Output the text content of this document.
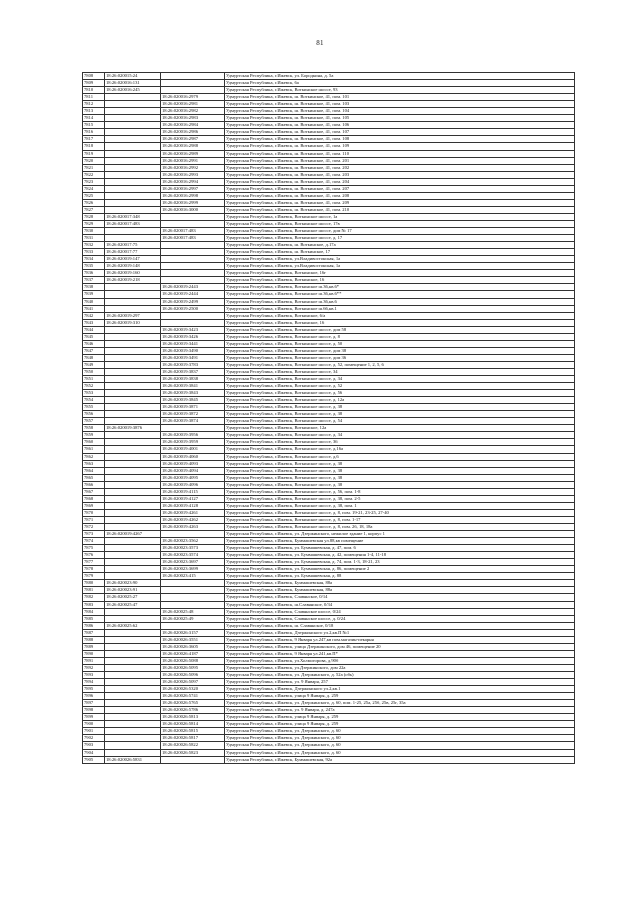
81
7808	18:26:020015:24		Удмуртская Республика, г.Ижевск, ул. Бородкина, д. 5а
7809	18:26:020016:131		Удмуртская Республика, г.Ижевск, 6а
7810	18:26:020016:245		Удмуртская Республика, г.Ижевск, Воткинское шоссе, 93
7811		18:26:020016:2979	Удмуртская Республика, г.Ижевск, ш. Воткинское, 41, пом. 101
7812		18:26:020016:2981	Удмуртская Республика, г.Ижевск, ш. Воткинское, 41, пом. 103
7813		18:26:020016:2982	Удмуртская Республика, г.Ижевск, ш. Воткинское, 41, пом. 104
7814		18:26:020016:2983	Удмуртская Республика, г.Ижевск, ш. Воткинское, 41, пом. 105
7815		18:26:020016:2984	Удмуртская Республика, г.Ижевск, ш. Воткинское, 41, пом. 106
7816		18:26:020016:2986	Удмуртская Республика, г.Ижевск, ш. Воткинское, 41, пом. 107
7817		18:26:020016:2987	Удмуртская Республика, г.Ижевск, ш. Воткинское, 41, пом. 108
7818		18:26:020016:2988	Удмуртская Республика, г.Ижевск, ш. Воткинское, 41, пом. 109
7819		18:26:020016:2989	Удмуртская Республика, г.Ижевск, ш. Воткинское, 41, пом. 110
7820		18:26:020016:2991	Удмуртская Республика, г.Ижевск, ш. Воткинское, 41, пом. 201
7821		18:26:020016:2992	Удмуртская Республика, г.Ижевск, ш. Воткинское, 41, пом. 202
7822		18:26:020016:2993	Удмуртская Республика, г.Ижевск, ш. Воткинское, 41, пом. 203
7823		18:26:020016:2994	Удмуртская Республика, г.Ижевск, ш. Воткинское, 41, пом. 204
7824		18:26:020016:2997	Удмуртская Республика, г.Ижевск, ш. Воткинское, 41, пом. 207
7825		18:26:020016:2998	Удмуртская Республика, г.Ижевск, ш. Воткинское, 41, пом. 208
7826		18:26:020016:2999	Удмуртская Республика, г.Ижевск, ш. Воткинское, 41, пом. 209
7827		18:26:020016:3000	Удмуртская Республика, г.Ижевск, ш. Воткинское, 41, пом. 210
7828	18:26:020017:348		Удмуртская Республика, г.Ижевск, Воткинское шоссе, 1а
7829	18:26:020017:483		Удмуртская Республика, г.Ижевск, Воткинское шоссе, 17в
7830		18:26:020017:483	Удмуртская Республика, г.Ижевск, Воткинское шоссе, дом № 17
7831		18:26:020017:483	Удмуртская Республика, г.Ижевск, Воткинское шоссе, д. 17
7832	18:26:020017:75		Удмуртская Республика, г.Ижевск, ш. Воткинское, д.17а
7833	18:26:020017:77		Удмуртская Республика, г.Ижевск, ш. Воткинское, 17
7834	18:26:020019:147		Удмуртская Республика, г.Ижевск, ул.Владивостокская, 1а
7835	18:26:020019:148		Удмуртская Республика, г.Ижевск, ул.Владивостокская, 1а
7836	18:26:020019:160		Удмуртская Республика, г.Ижевск, Воткинское, 16г
7837	18:26:020019:218		Удмуртская Республика, г.Ижевск, Воткинское, 16
7838		18:26:020019:2443	Удмуртская Республика, г.Ижевск, Воткинское ш.36,кв.6*
7839		18:26:020019:2444	Удмуртская Республика, г.Ижевск, Воткинское ш.36,кв.6**
7840		18:26:020019:2499	Удмуртская Республика, г.Ижевск, Воткинское ш.36,кв.6
7841		18:26:020019:2500	Удмуртская Республика, г.Ижевск, Воткинское ш.66,кв.1
7842	18:26:020019:297		Удмуртская Республика, г.Ижевск, Воткинское, 6/а
7843	18:26:020019:310		Удмуртская Республика, г.Ижевск, Воткинское, 16
7844		18:26:020019:3423	Удмуртская Республика, г.Ижевск, Воткинское шоссе, дом 58
7845		18:26:020019:3426	Удмуртская Республика, г.Ижевск, Воткинское шоссе, д. 8
7846		18:26:020019:3441	Удмуртская Республика, г.Ижевск, Воткинское шоссе, д. 50
7847		18:26:020019:3490	Удмуртская Республика, г.Ижевск, Воткинское шоссе, дом 38
7848		18:26:020019:3491	Удмуртская Республика, г.Ижевск, Воткинское шоссе, дом 36
7849		18:26:020019:3783	Удмуртская Республика, г.Ижевск, Воткинское шоссе, д. 52, помещение 1, 2, 5, 6
7850		18:26:020019:3837	Удмуртская Республика, г.Ижевск, Воткинское шоссе, 34
7851		18:26:020019:3838	Удмуртская Республика, г.Ижевск, Воткинское шоссе, д. 34
7852		18:26:020019:3841	Удмуртская Республика, г.Ижевск, Воткинское шоссе, д. 52
7853		18:26:020019:3843	Удмуртская Республика, г.Ижевск, Воткинское шоссе, д. 56
7854		18:26:020019:3845	Удмуртская Республика, г.Ижевск, Воткинское шоссе, д. 12а
7855		18:26:020019:3871	Удмуртская Республика, г.Ижевск, Воткинское шоссе, д. 38
7856		18:26:020019:3872	Удмуртская Республика, г.Ижевск, Воткинское шоссе, д. 38
7857		18:26:020019:3874	Удмуртская Республика, г.Ижевск, Воткинское шоссе, д. 54
7858	18:26:020019:3876		Удмуртская Республика, г.Ижевск, Воткинское, 12а
7859		18:26:020019:3956	Удмуртская Республика, г.Ижевск, Воткинское шоссе, д. 34
7860		18:26:020019:3959	Удмуртская Республика, г.Ижевск, Воткинское шоссе, 36
7861		18:26:020019:4001	Удмуртская Республика, г.Ижевск, Воткинское шоссе, д.16а
7862		18:26:020019:4060	Удмуртская Республика, г.Ижевск, Воткинское шоссе, д.6
7863		18:26:020019:4093	Удмуртская Республика, г.Ижевск, Воткинское шоссе, д. 38
7864		18:26:020019:4094	Удмуртская Республика, г.Ижевск, Воткинское шоссе, д. 38
7865		18:26:020019:4095	Удмуртская Республика, г.Ижевск, Воткинское шоссе, д. 38
7866		18:26:020019:4096	Удмуртская Республика, г.Ижевск, Воткинское шоссе, д. 38
7867		18:26:020019:4115	Удмуртская Республика, г.Ижевск, Воткинское шоссе, д. 56, пом. 1-8
7868		18:26:020019:4127	Удмуртская Республика, г.Ижевск, Воткинское шоссе, д. 38, пом. 2-5
7869		18:26:020019:4128	Удмуртская Республика, г.Ижевск, Воткинское шоссе, д. 38, пом. 1
7870		18:26:020019:4261	Удмуртская Республика, г.Ижевск, Воткинское шоссе, д. 8, пом. 19-21, 23-25, 27-40
7871		18:26:020019:4262	Удмуртская Республика, г.Ижевск, Воткинское шоссе, д. 8, пом. 1-17
7872		18:26:020019:4263	Удмуртская Республика, г.Ижевск, Воткинское шоссе, д. 8, пом. 26, 18, 18а
7873	18:26:020019:4267		Удмуртская Республика, г.Ижевск, ул. Дзержинского, нежилое здание 1, корпус 1
7874		18:26:020023:3562	Удмуртская Республика, г.Ижевск, Буммашевская ул.88,кв помещение
7875		18:26:020023:3573	Удмуртская Республика, г.Ижевск, ул. Буммашевская, д. 47, пом. 6
7876		18:26:020023:3574	Удмуртская Республика, г.Ижевск, ул. Буммашевская, д. 42, помещения 1-4, 11-18
7877		18:26:020023:3697	Удмуртская Республика, г.Ижевск, ул. Буммашевская, д. 74, пом. 1-3, 18-21, 23
7878		18:26:020023:3699	Удмуртская Республика, г.Ижевск, ул. Буммашевская, д. 86, помещение 2
7879		18:26:020023:415	Удмуртская Республика, г.Ижевск, ул. Буммашевская, д. 88
7880	18:26:020023:90		Удмуртская Республика, г.Ижевск, Буммашевская, 88а
7881	18:26:020023:91		Удмуртская Республика, г.Ижевск, Буммашевская, 88а
7882	18:26:020025:27		Удмуртская Республика, г.Ижевск, Славянское, 0/14
7883	18:26:020025:47		Удмуртская Республика, г.Ижевск, ш.Славянское, 0/34
7884		18:26:020025:48	Удмуртская Республика, г.Ижевск, Славянское шоссе, 0/24
7885		18:26:020025:49	Удмуртская Республика, г.Ижевск, Славянское шоссе, д. 0/24
7886	18:26:020025:62		Удмуртская Республика, г.Ижевск, ш. Славянское, 0/18
7887		18:26:020026:3157	Удмуртская Республика, г.Ижевск, Дзержинского ул.2,кв.П №1
7888		18:26:020026:3551	Удмуртская Республика, г.Ижевск, 9 Января ул.247,кв пом.магазин-пекарня
7889		18:26:020026:3605	Удмуртская Республика, г.Ижевск, улица Дзержинского, дом 46, помещение 20
7890		18:26:020026:4187	Удмуртская Республика, г.Ижевск, 9 Января ул.241,кв.П*
7891		18:26:020026:5088	Удмуртская Республика, г.Ижевск, ул.Холмогорова, д.90б
7892		18:26:020026:5095	Удмуртская Республика, г.Ижевск, ул.Дзержинского, дом 22а
7893		18:26:020026:5096	Удмуртская Республика, г.Ижевск, ул. Дзержинского, д. 52а (обь)
7894		18:26:020026:5097	Удмуртская Республика, г.Ижевск, ул. 9 Января, 257
7895		18:26:020026:5320	Удмуртская Республика, г.Ижевск, Дзержинского ул.2,кв.1
7896		18:26:020026:5741	Удмуртская Республика, г.Ижевск, улица 9 Января, д. 259
7897		18:26:020026:5765	Удмуртская Республика, г.Ижевск, ул. Дзержинского, д. 60, пом. 1-25, 25а, 25б, 25в, 25г, 35а
7898		18:26:020026:5786	Удмуртская Республика, г.Ижевск, ул. 9 Января, д. 247а
7899		18:26:020026:5813	Удмуртская Республика, г.Ижевск, улица 9 Января, д. 259
7900		18:26:020026:5814	Удмуртская Республика, г.Ижевск, улица 9 Января, д. 259
7901		18:26:020026:5815	Удмуртская Республика, г.Ижевск, ул. Дзержинского, д. 60
7902		18:26:020026:5817	Удмуртская Республика, г.Ижевск, ул. Дзержинского, д. 60
7903		18:26:020026:5822	Удмуртская Республика, г.Ижевск, ул. Дзержинского, д. 60
7904		18:26:020026:5823	Удмуртская Республика, г.Ижевск, ул. Дзержинского, д. 60
7905	18:26:020026:5831		Удмуртская Республика, г.Ижевск, Буммашевская, 92а
